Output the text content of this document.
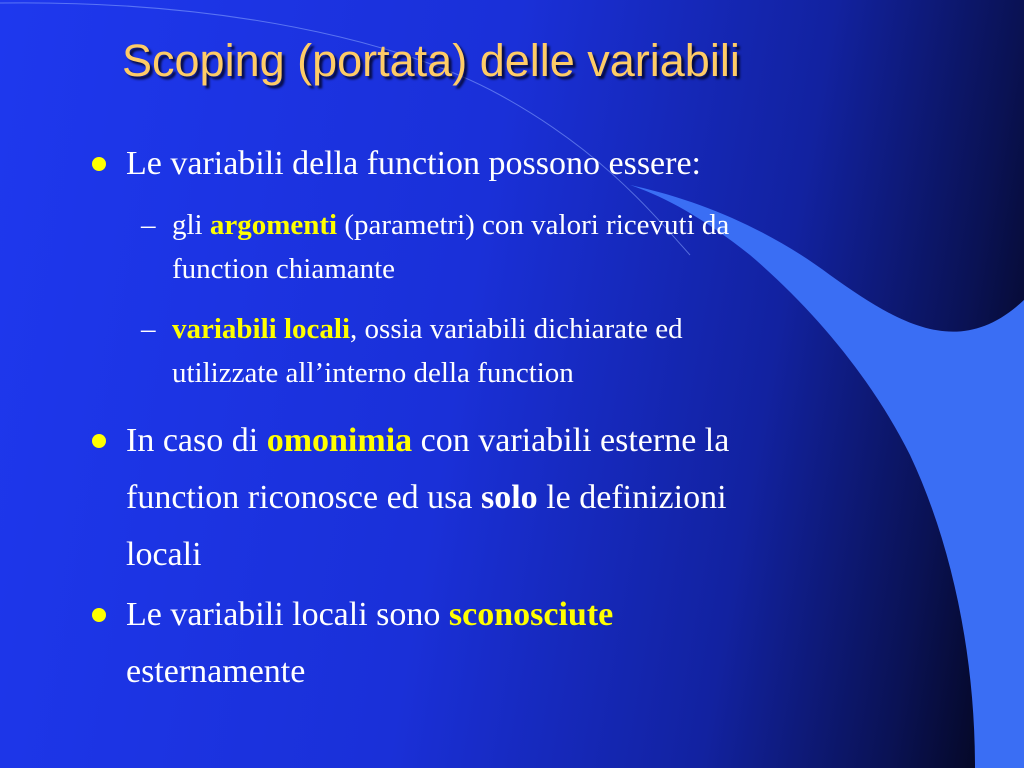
Scoping (portata) delle variabili
Le variabili della function possono essere:
– gli argomenti (parametri) con valori ricevuti da
function chiamante
– variabili locali, ossia variabili dichiarate ed
utilizzate all’interno della function
In caso di omonimia con variabili esterne la
function riconosce ed usa solo le definizioni
locali
Le variabili locali sono sconosciute
esternamente
